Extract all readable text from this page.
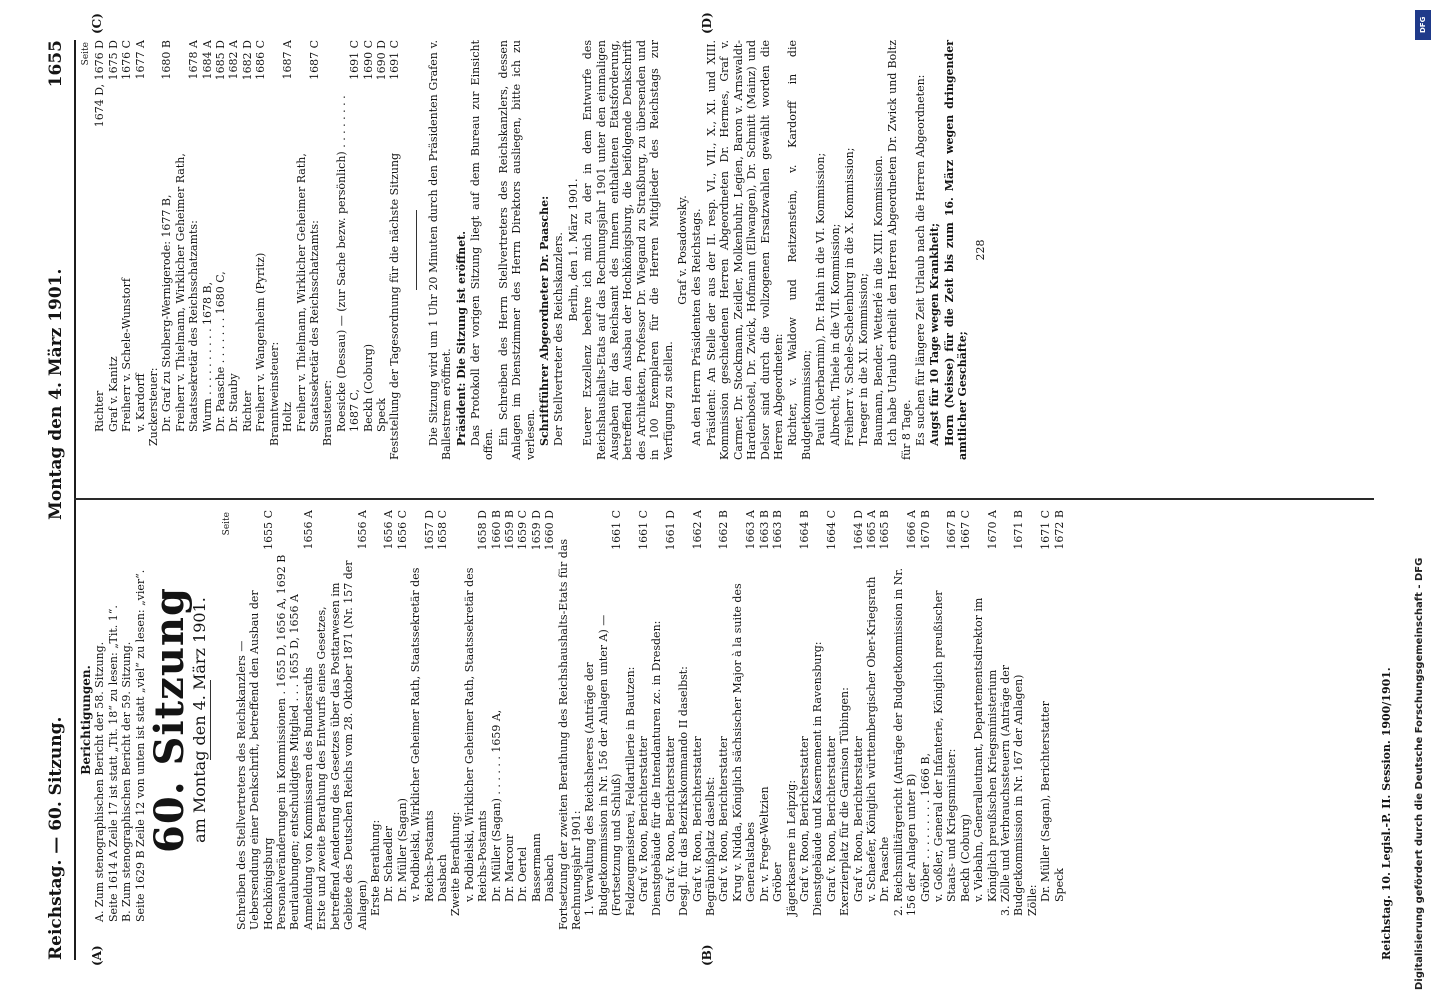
Reichstag. — 60. Sitzung.
Montag den 4. März 1901.
1655
(A)	(B)
(C)	(D)

Berichtigungen. A. Zum stenographischen Bericht der 58. Sitzung. Seite 1614 A Zeile 17 ist statt „Tit. 18“ zu lesen: „Tit. 1“. B. Zum stenographischen Bericht der 59. Sitzung. Seite 1629 B Zeile 12 von unten ist statt „viel“ zu lesen: „vier“. 60. Sitzung

am Montag den 4. März 1901.

Seite
Schreiben des Stellvertreters des Reichskanzlers — Uebersendung einer Denkschrift, betreffend den Ausbau der Hochkönigsburg
1655 C
Personalveränderungen in Kommissionen . 1655 D, 1656 A, 1692 B Beurlaubungen; entschuldigtes Mitglied . . . 1655 D, 1656 A Anmeldung von Kommissaren des Bundesraths
1656 A
Erste und zweite Berathung des Entwurfs eines Gesetzes, betreffend Aenderung des Gesetzes über das Posttarwesen im Gebiete des Deutschen Reichs vom 28. Oktober 1871 (Nr. 157 der Anlagen)
1656 A
Erste Berathung: Dr. Schaedler
1656 A
Dr. Müller (Sagan)
1656 C
v. Podbielski, Wirklicher Geheimer Rath, Staatssekretär des Reichs-Postamts
1657 D
Dasbach
1658 C
Zweite Berathung: v. Podbielski, Wirklicher Geheimer Rath, Staatssekretär des Reichs-Postamts
1658 D
Dr. Müller (Sagan) . . . . . . 1659 A,
1660 B
Dr. Marcour
1659 B
Dr. Oertel
1659 C
Bassermann
1659 D
Dasbach
1660 D
Fortsetzung der zweiten Berathung des Reichshaushalts-Etats für das Rechnungsjahr 1901: 1. Verwaltung des Reichsheeres (Anträge der Budgetkommission in Nr. 156 der Anlagen unter A) — (Fortsetzung und Schluß)
1661 C
Feldzeugmeisterei, Feldartillerie in Bautzen: Graf v. Roon, Berichterstatter
1661 C
Dienstgebäude für die Intendanturen zc. in Dresden: Graf v. Roon, Berichterstatter
1661 D
Desgl. für das Bezirkskommando II daselbst: Graf v. Roon, Berichterstatter
1662 A
Begräbnißplatz daselbst: Graf v. Roon, Berichterstatter
1662 B
Krug v. Nidda, Königlich sächsischer Major à la suite des Generalstabes
1663 A
Dr. v. Frege-Weltzien
1663 B
Gröber
1663 B
Jägerkaserne in Leipzig: Graf v. Roon, Berichterstatter
1664 B
Dienstgebäude und Kasernement in Ravensburg: Graf v. Roon, Berichterstatter
1664 C
Exerzierplatz für die Garnison Tübingen: Graf v. Roon, Berichterstatter
1664 D
v. Schaefer, Königlich württembergischer Ober-Kriegsrath
1665 A
Dr. Paasche
1665 B
2. Reichsmilitärgericht (Anträge der Budgetkommission in Nr. 156 der Anlagen unter B)
1666 A
Gröber . . . . . . . . . 1666 B,
1670 B
v. Goßler, General der Infanterie, Königlich preußischer Staats- und Kriegsminister:
1667 B
Beckh (Coburg)
1667 C
v. Viebahn, Generalleutnant, Departementsdirektor im Königlich preußischen Kriegsministerium
1670 A
3. Zölle und Verbrauchssteuern (Anträge der Budgetkommission in Nr. 167 der Anlagen)
1671 B
Zölle: Dr. Müller (Sagan), Berichterstatter
1671 C
Speck
1672 B
Seite
Richter
1674 D, 1676 D
Graf v. Kanitz
1675 D
Freiherr v. Schele-Wunstorf
1676 C
v. Kardorff
1677 A
Zuckersteuer: Dr. Graf zu Stolberg-Wernigerode: 1677 B,
1680 B
Freiherr v. Thielmann, Wirklicher Geheimer Rath, Staatssekretär des Reichsschatzamts:
1678 A
Wurm . . . . . . . . . . 1678 B,
1684 A
Dr. Paasche . . . . . . . 1680 C,
1685 D
Dr. Stauby
1682 A
Richter
1682 D
Freiherr v. Wangenheim (Pyritz)
1686 C
Branntweinsteuer: Holtz
1687 A
Freiherr v. Thielmann, Wirklicher Geheimer Rath, Staatssekretär des Reichsschatzamts:
1687 C
Brausteuer: Roesicke (Dessau) — (zur Sache bezw. persönlich) . . . . . . . . 1687 C,
1691 C
Beckh (Coburg)
1690 C
Speck
1690 D
Feststellung der Tagesordnung für die nächste Sitzung
1691 C Die Sitzung wird um 1 Uhr 20 Minuten durch den Präsidenten Grafen v. Ballestrem eröffnet. Präsident: Die Sitzung ist eröffnet. Das Protokoll der vorigen Sitzung liegt auf dem Bureau zur Einsicht offen. Ein Schreiben des Herrn Stellvertreters des Reichskanzlers, dessen Anlagen im Dienstzimmer des Herrn Direktors ausliegen, bitte ich zu verlesen. Schriftführer Abgeordneter Dr. Paasche: Der Stellvertreter des Reichskanzlers. Berlin, den 1. März 1901. Euerer Exzellenz beehre ich mich zu der in dem Entwurfe des Reichshaushalts-Etats auf das Rechnungsjahr 1901 unter den einmaligen Ausgaben für das Reichsamt des Innern enthaltenen Etatsforderung, betreffend den Ausbau der Hochkönigsburg, die beifolgende Denkschrift des Architekten, Professor Dr. Wiegand zu Straßburg, zu übersenden und in 100 Exemplaren für die Herren Mitglieder des Reichstags zur Verfügung zu stellen.

Graf v. Posadowsky. An den Herrn Präsidenten des Reichstags. Präsident: An Stelle der aus der II. resp. VI., VII., X., XI. und XIII. Kommission geschiedenen Herren Abgeordneten Dr. Hermes, Graf v. Carmer, Dr. Stockmann, Zeidler, Molkenbuhr, Legien, Baron v. Arnswaldt-Hardenbostel, Dr. Zwick, Hofmann (Ellwangen), Dr. Schmitt (Mainz) und Delsor sind durch die vollzogenen Ersatzwahlen gewählt worden die Herren Abgeordneten: Richter, v. Waldow und Reitzenstein, v. Kardorff in die Budgetkommission; Pauli (Oberbarnim), Dr. Hahn in die VI. Kommission; Albrecht, Thiele in die VII. Kommission; Freiherr v. Schele-Schelenburg in die X. Kommission; Traeger in die XI. Kommission; Baumann, Bender, Wetterlé in die XIII. Kommission. Ich habe Urlaub ertheilt den Herren Abgeordneten Dr. Zwick und Boltz für 8 Tage. Es suchen für längere Zeit Urlaub nach die Herren Abgeordneten: Augst für 10 Tage wegen Krankheit; Horn (Neisse) für die Zeit bis zum 16. März wegen dringender amtlicher Geschäfte;

228

Reichstag. 10. Legisl.-P. II. Session. 1900/1901. Digitalisierung gefördert durch die Deutsche Forschungsgemeinschaft - DFG
DFG
